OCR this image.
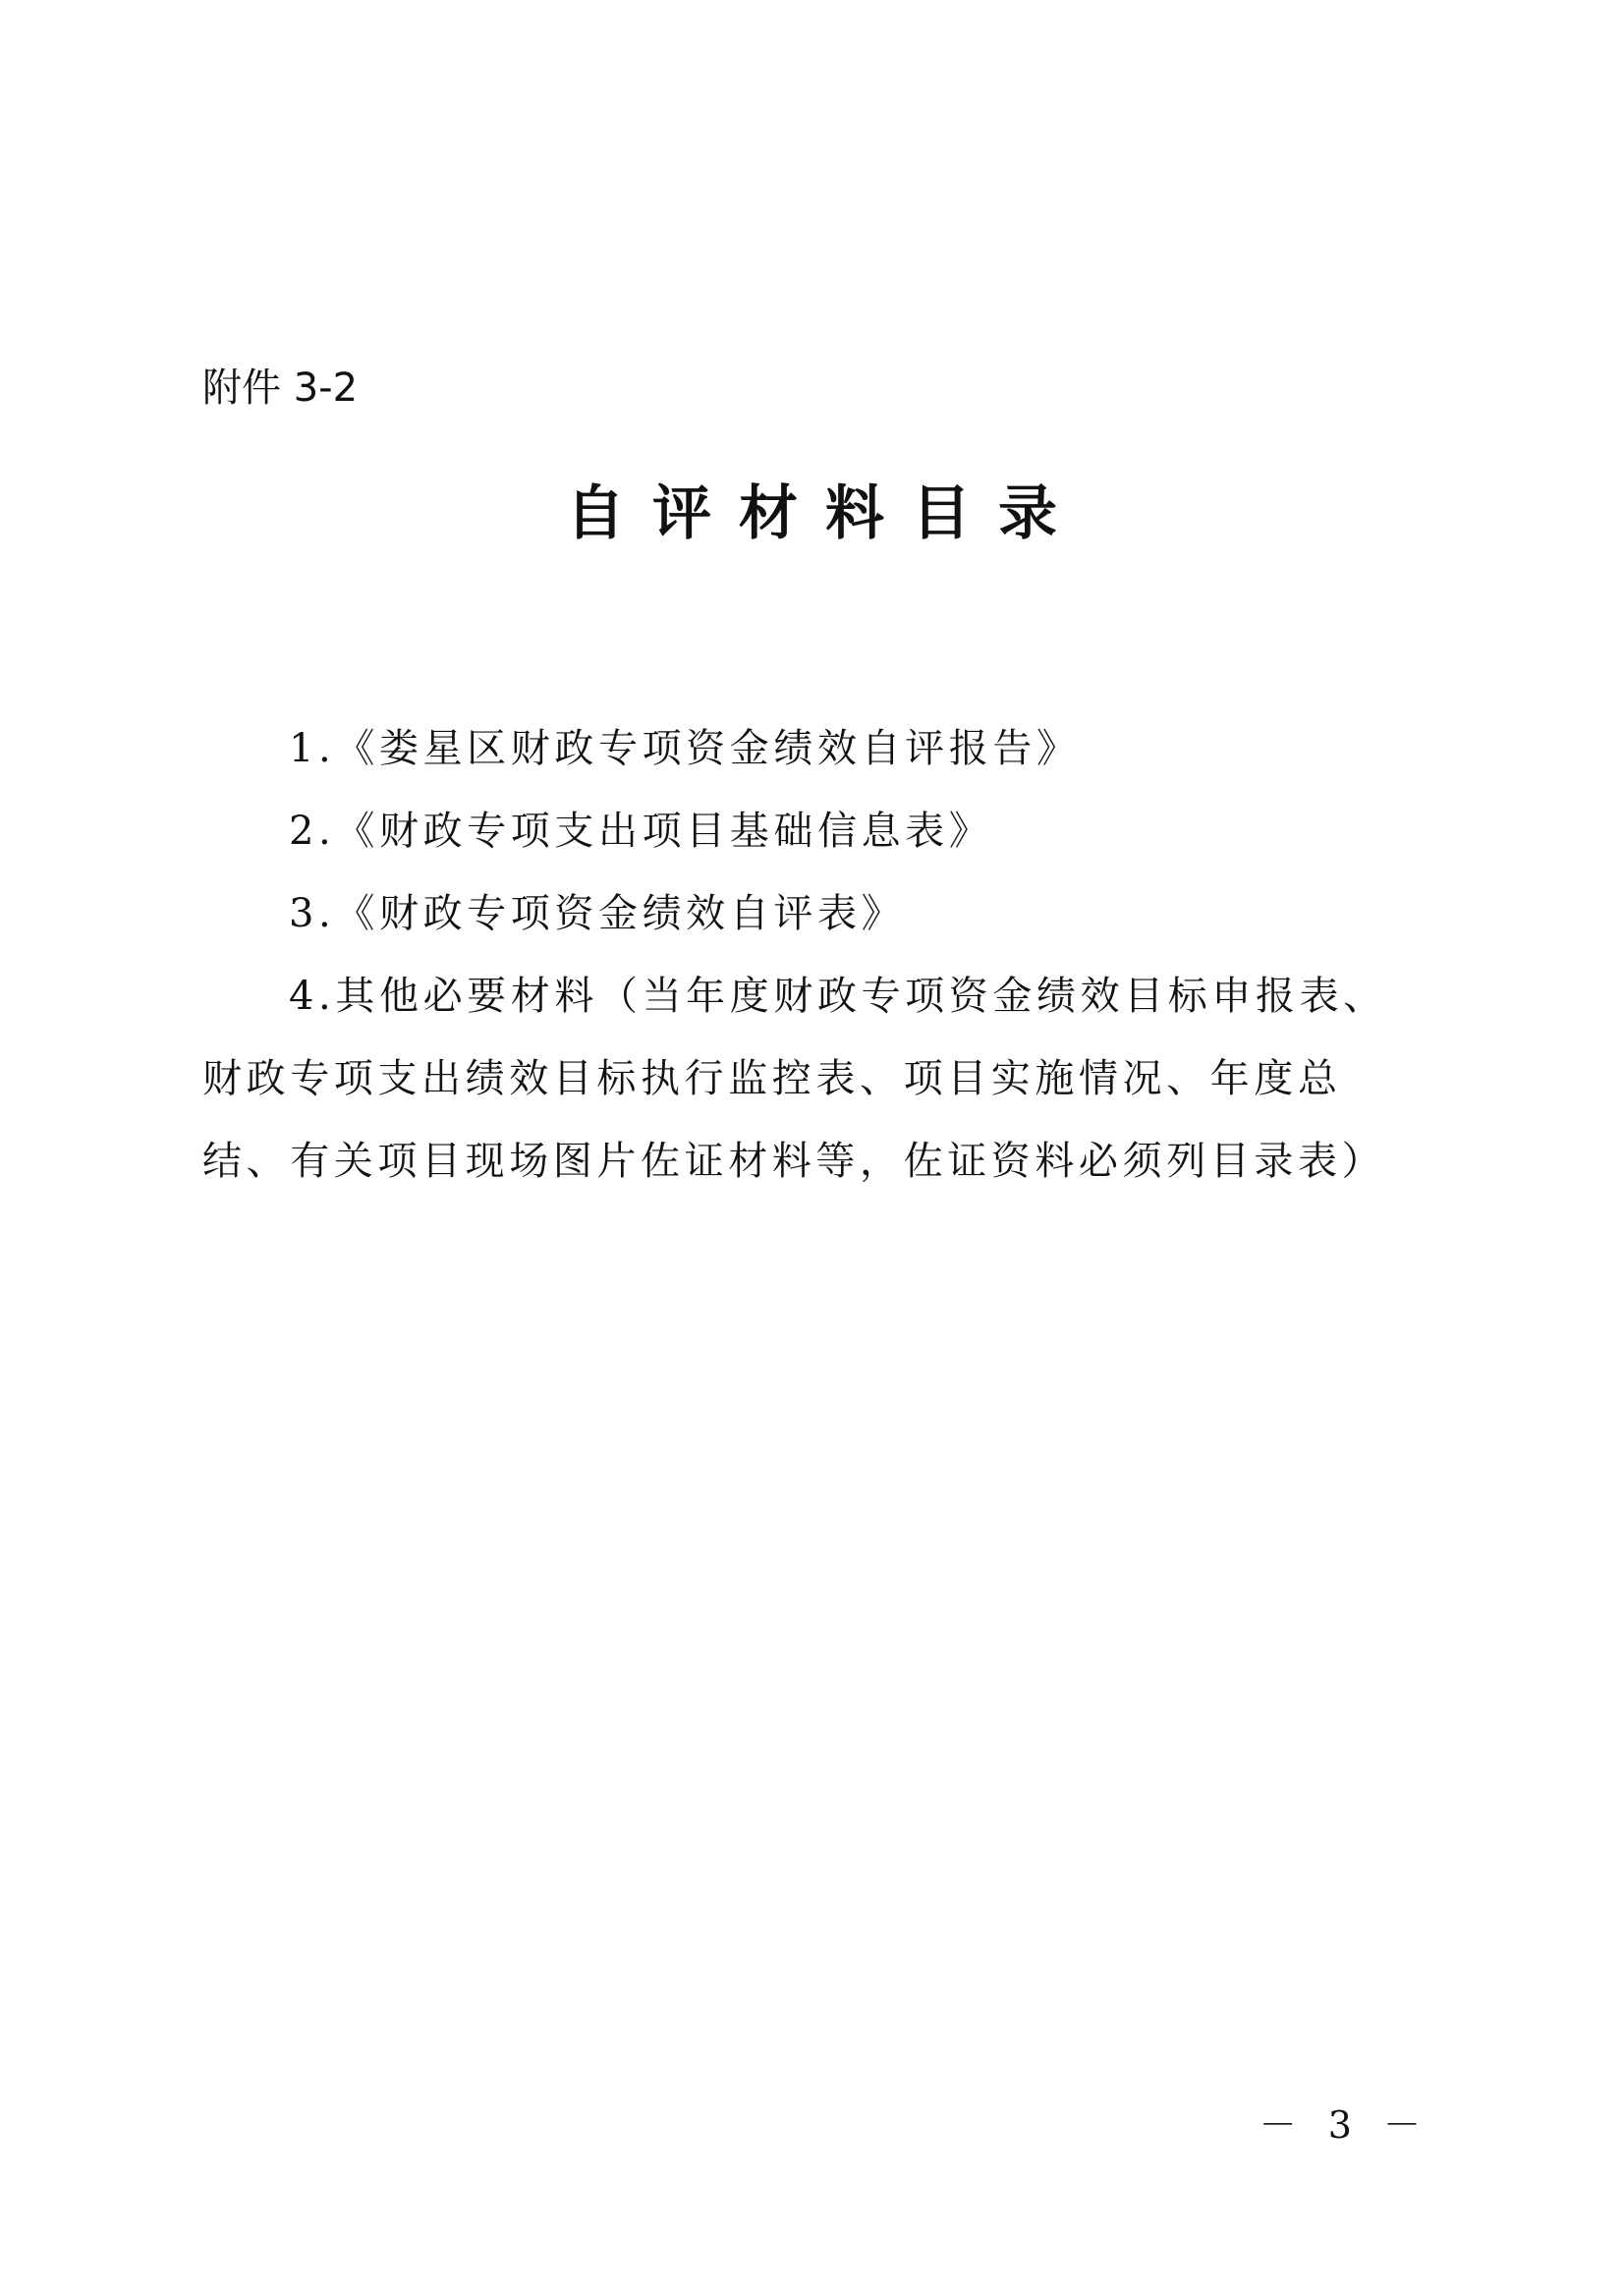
附件 3-2
自评材料目录

1.《娄星区财政专项资金绩效自评报告》

2.《财政专项支出项目基础信息表》

3.《财政专项资金绩效自评表》

4.其他必要材料（当年度财政专项资金绩效目标申报表、财政专项支出绩效目标执行监控表、项目实施情况、年度总结、有关项目现场图片佐证材料等，佐证资料必须列目录表）

－ 3 －
